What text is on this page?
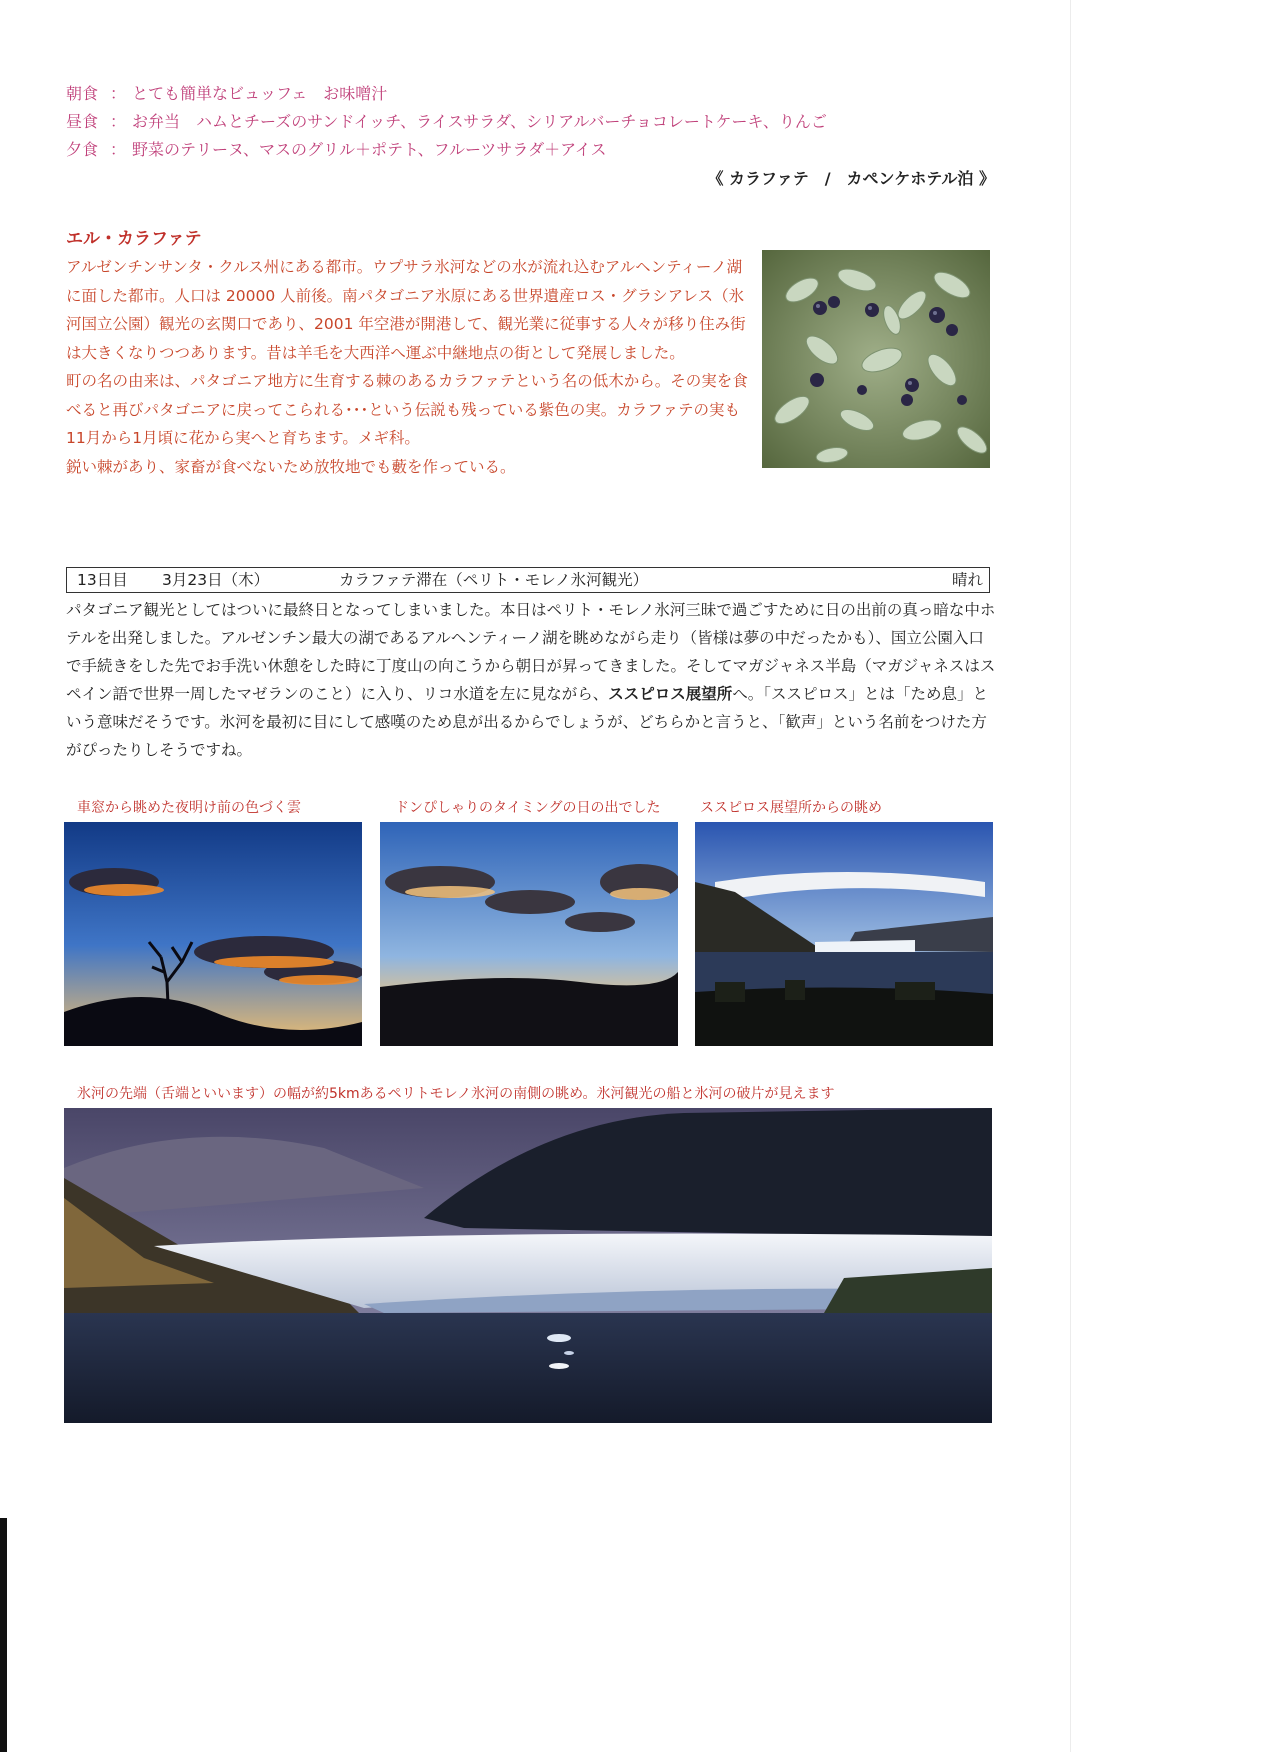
朝食 ： とても簡単なビュッフェ　お味噌汁
昼食 ： お弁当　ハムとチーズのサンドイッチ、ライスサラダ、シリアルバーチョコレートケーキ、りんご
夕食 ： 野菜のテリーヌ、マスのグリル＋ポテト、フルーツサラダ＋アイス
《 カラファテ　/　カペンケホテル泊 》
エル・カラファテ

アルゼンチンサンタ・クルス州にある都市。ウプサラ氷河などの水が流れ込むアルヘンティーノ湖に面した都市。人口は 20000 人前後。南パタゴニア氷原にある世界遺産ロス・グラシアレス（氷河国立公園）観光の玄関口であり、2001 年空港が開港して、観光業に従事する人々が移り住み街は大きくなりつつあります。昔は羊毛を大西洋へ運ぶ中継地点の街として発展しました。

町の名の由来は、パタゴニア地方に生育する棘のあるカラファテという名の低木から。その実を食べると再びパタゴニアに戻ってこられる･･･という伝説も残っている紫色の実。カラファテの実も11月から1月頃に花から実へと育ちます。メギ科。

鋭い棘があり、家畜が食べないため放牧地でも藪を作っている。

13日目 3月23日（木）	カラファテ滞在（ペリト・モレノ氷河観光）	晴れ

パタゴニア観光としてはついに最終日となってしまいました。本日はペリト・モレノ氷河三昧で過ごすために日の出前の真っ暗な中ホテルを出発しました。アルゼンチン最大の湖であるアルヘンティーノ湖を眺めながら走り（皆様は夢の中だったかも）、国立公園入口で手続きをした先でお手洗い休憩をした時に丁度山の向こうから朝日が昇ってきました。そしてマガジャネス半島（マガジャネスはスペイン語で世界一周したマゼランのこと）に入り、リコ水道を左に見ながら、ススピロス展望所へ。「ススピロス」とは「ため息」という意味だそうです。氷河を最初に目にして感嘆のため息が出るからでしょうが、どちらかと言うと、「歓声」という名前をつけた方がぴったりしそうですね。

車窓から眺めた夜明け前の色づく雲	ドンぴしゃりのタイミングの日の出でした	ススピロス展望所からの眺め
氷河の先端（舌端といいます）の幅が約5kmあるペリトモレノ氷河の南側の眺め。氷河観光の船と氷河の破片が見えます
